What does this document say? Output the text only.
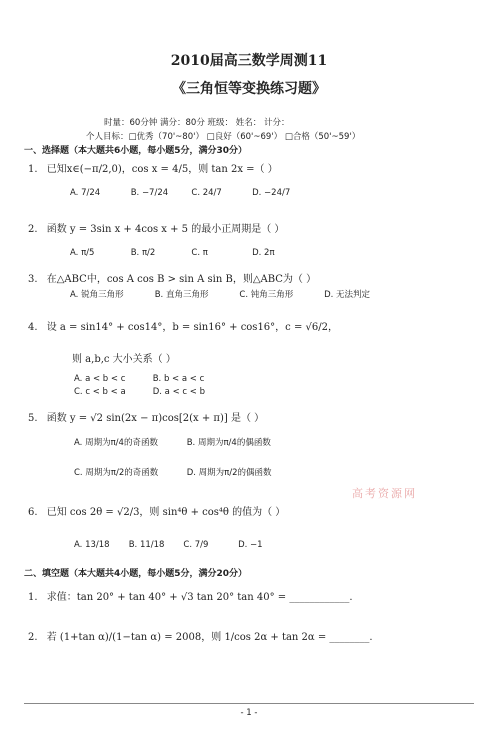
2010届高三数学周测11
《三角恒等变换练习题》
时量：60分钟 满分：80分 班级： 姓名： 计分：
个人目标：□优秀（70'~80'） □良好（60'~69'） □合格（50'~59'）
一、选择题（本大题共6小题，每小题5分，满分30分）
1. 已知x∈(−π/2,0)，cos x = 4/5，则 tan 2x =（ ）
A. 7/24	B. −7/24	C. 24/7	D. −24/7
2. 函数 y = 3sin x + 4cos x + 5 的最小正周期是（ ）
A. π/5	B. π/2	C. π	D. 2π
3. 在△ABC中，cos A cos B > sin A sin B，则△ABC为（ ）
A. 锐角三角形	B. 直角三角形	C. 钝角三角形	D. 无法判定
4. 设 a = sin14° + cos14°，b = sin16° + cos16°，c = √6/2，
则 a,b,c 大小关系（ ）
A. a < b < c	B. b < a < c
C. c < b < a	D. a < c < b
5. 函数 y = √2 sin(2x − π)cos[2(x + π)] 是（ ）
A. 周期为π/4的奇函数	B. 周期为π/4的偶函数
C. 周期为π/2的奇函数	D. 周期为π/2的偶函数
高考资源网
6. 已知 cos 2θ = √2/3，则 sin⁴θ + cos⁴θ 的值为（ ）
A. 13/18 B. 11/18 C. 7/9	D. −1
二、填空题（本大题共4小题，每小题5分，满分20分）
1. 求值：tan 20° + tan 40° + √3 tan 20° tan 40° = ____________.
2. 若 (1+tan α)/(1−tan α) = 2008，则 1/cos 2α + tan 2α = ________.
- 1 -
